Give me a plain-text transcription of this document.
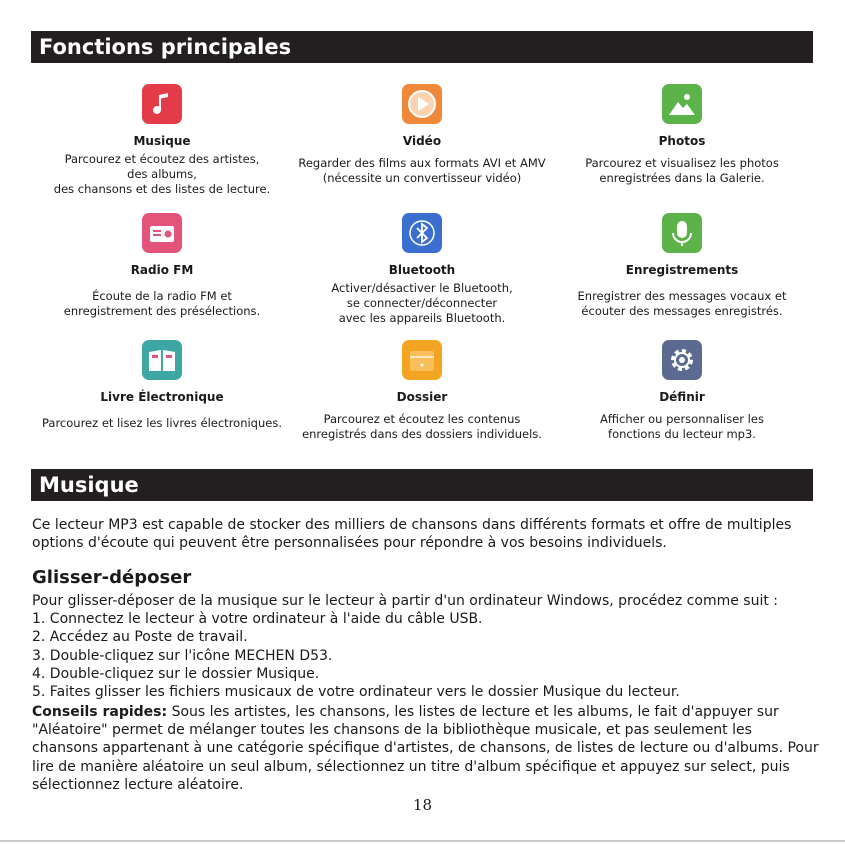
Fonctions principales
Musique
Parcourez et écoutez des artistes,
des albums,
des chansons et des listes de lecture.
Vidéo
Regarder des films aux formats AVI et AMV
(nécessite un convertisseur vidéo)
Photos
Parcourez et visualisez les photos
enregistrées dans la Galerie.
Radio FM
Écoute de la radio FM et
enregistrement des présélections.
Bluetooth
Activer/désactiver le Bluetooth,
se connecter/déconnecter
avec les appareils Bluetooth.
Enregistrements
Enregistrer des messages vocaux et
écouter des messages enregistrés.
Livre Électronique
Parcourez et lisez les livres électroniques.
Dossier
Parcourez et écoutez les contenus
enregistrés dans des dossiers individuels.
Définir
Afficher ou personnaliser les
fonctions du lecteur mp3.
Musique
Ce lecteur MP3 est capable de stocker des milliers de chansons dans différents formats et offre de multiples options d'écoute qui peuvent être personnalisées pour répondre à vos besoins individuels.
Glisser-déposer
Pour glisser-déposer de la musique sur le lecteur à partir d'un ordinateur Windows, procédez comme suit :
1. Connectez le lecteur à votre ordinateur à l'aide du câble USB.
2. Accédez au Poste de travail.
3. Double-cliquez sur l'icône MECHEN D53.
4. Double-cliquez sur le dossier Musique.
5. Faites glisser les fichiers musicaux de votre ordinateur vers le dossier Musique du lecteur.
Conseils rapides: Sous les artistes, les chansons, les listes de lecture et les albums, le fait d'appuyer sur "Aléatoire" permet de mélanger toutes les chansons de la bibliothèque musicale, et pas seulement les chansons appartenant à une catégorie spécifique d'artistes, de chansons, de listes de lecture ou d'albums. Pour lire de manière aléatoire un seul album, sélectionnez un titre d'album spécifique et appuyez sur select, puis sélectionnez lecture aléatoire.
18
